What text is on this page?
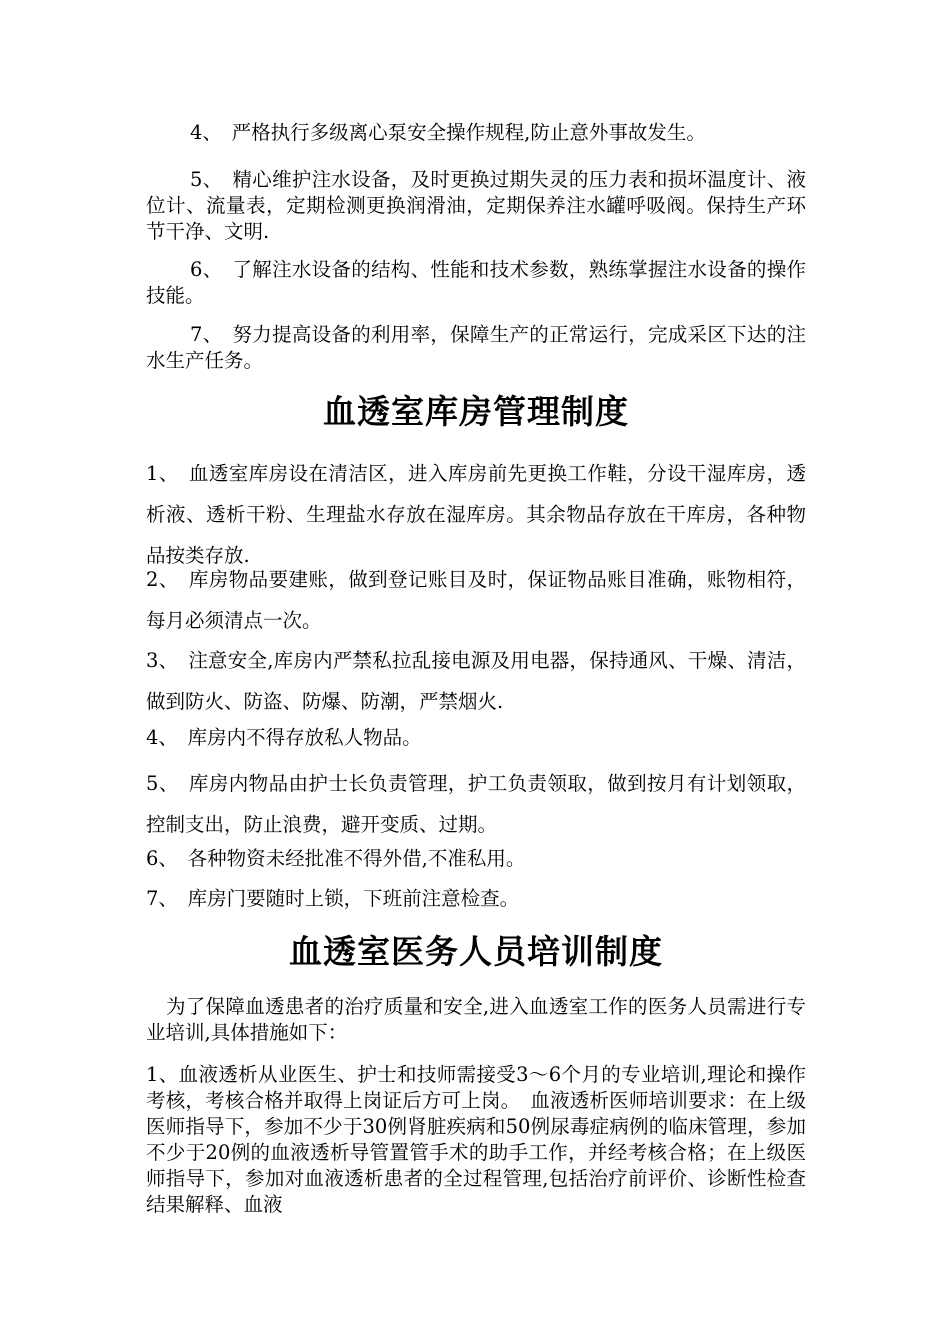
4、　严格执行多级离心泵安全操作规程,防止意外事故发生。

5、　精心维护注水设备，及时更换过期失灵的压力表和损坏温度计、液位计、流量表，定期检测更换润滑油，定期保养注水罐呼吸阀。保持生产环节干净、文明.

6、　了解注水设备的结构、性能和技术参数，熟练掌握注水设备的操作技能。

7、　努力提高设备的利用率，保障生产的正常运行，完成采区下达的注水生产任务。

血透室库房管理制度

1、　血透室库房设在清洁区，进入库房前先更换工作鞋，分设干湿库房，透析液、透析干粉、生理盐水存放在湿库房。其余物品存放在干库房，各种物品按类存放.

2、　库房物品要建账，做到登记账目及时，保证物品账目准确，账物相符，每月必须清点一次。

3、　注意安全,库房内严禁私拉乱接电源及用电器，保持通风、干燥、清洁，做到防火、防盗、防爆、防潮，严禁烟火.

4、　库房内不得存放私人物品。

5、　库房内物品由护士长负责管理，护工负责领取，做到按月有计划领取，控制支出，防止浪费，避开变质、过期。

6、　各种物资未经批准不得外借,不准私用。

7、　库房门要随时上锁，下班前注意检查。

血透室医务人员培训制度

为了保障血透患者的治疗质量和安全,进入血透室工作的医务人员需进行专业培训,具体措施如下：

1、血液透析从业医生、护士和技师需接受3～6个月的专业培训,理论和操作考核，考核合格并取得上岗证后方可上岗。　血液透析医师培训要求：在上级医师指导下，参加不少于30例肾脏疾病和50例尿毒症病例的临床管理，参加不少于20例的血液透析导管置管手术的助手工作，并经考核合格；在上级医师指导下，参加对血液透析患者的全过程管理,包括治疗前评价、诊断性检查结果解释、血液
